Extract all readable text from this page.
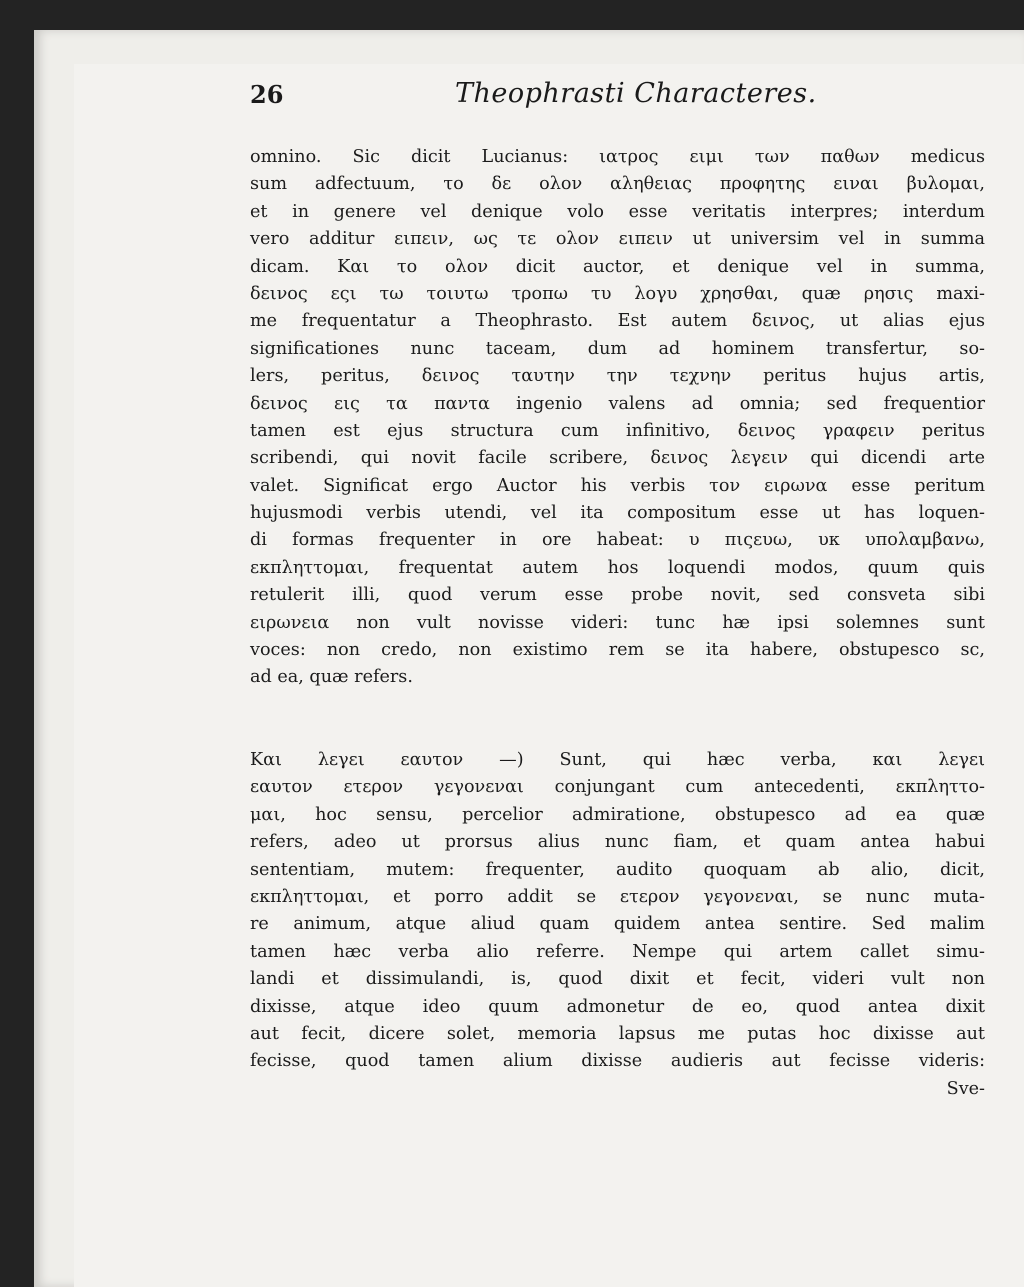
26	Theophrasti Characteres.
omnino. Sic dicit Lucianus: ιατρος ειμι των παθων medicus
sum adfectuum, το δε ολον αληθειας προφητης ειναι βυλομαι,
et in genere vel denique volo esse veritatis interpres; interdum
vero additur ειπειν, ως τε ολον ειπειν ut universim vel in summa
dicam. Και το ολον dicit auctor, et denique vel in summa,
δεινος εςι τω τοιυτω τροπω τυ λογυ χρησθαι, quæ ρησις maxi-
me frequentatur a Theophrasto. Est autem δεινος, ut alias ejus
significationes nunc taceam, dum ad hominem transfertur, so-
lers, peritus, δεινος ταυτην την τεχνην peritus hujus artis,
δεινος εις τα παντα ingenio valens ad omnia; sed frequentior
tamen est ejus structura cum infinitivo, δεινος γραφειν peritus
scribendi, qui novit facile scribere, δεινος λεγειν qui dicendi arte
valet. Significat ergo Auctor his verbis τον ειρωνα esse peritum
hujusmodi verbis utendi, vel ita compositum esse ut has loquen-
di formas frequenter in ore habeat: υ πιςευω, υκ υπολαμβανω,
εκπληττομαι, frequentat autem hos loquendi modos, quum quis
retulerit illi, quod verum esse probe novit, sed consveta sibi
ειρωνεια non vult novisse videri: tunc hæ ipsi solemnes sunt
voces: non credo, non existimo rem se ita habere, obstupesco sc,
ad ea, quæ refers.
Και λεγει εαυτον —) Sunt, qui hæc verba, και λεγει
εαυτον ετερον γεγονεναι conjungant cum antecedenti, εκπληττο-
μαι, hoc sensu, percelior admiratione, obstupesco ad ea quæ
refers, adeo ut prorsus alius nunc fiam, et quam antea habui
sententiam, mutem: frequenter, audito quoquam ab alio, dicit,
εκπληττομαι, et porro addit se ετερον γεγονεναι, se nunc muta-
re animum, atque aliud quam quidem antea sentire. Sed malim
tamen hæc verba alio referre. Nempe qui artem callet simu-
landi et dissimulandi, is, quod dixit et fecit, videri vult non
dixisse, atque ideo quum admonetur de eo, quod antea dixit
aut fecit, dicere solet, memoria lapsus me putas hoc dixisse aut
fecisse, quod tamen alium dixisse audieris aut fecisse videris:
Sve-
